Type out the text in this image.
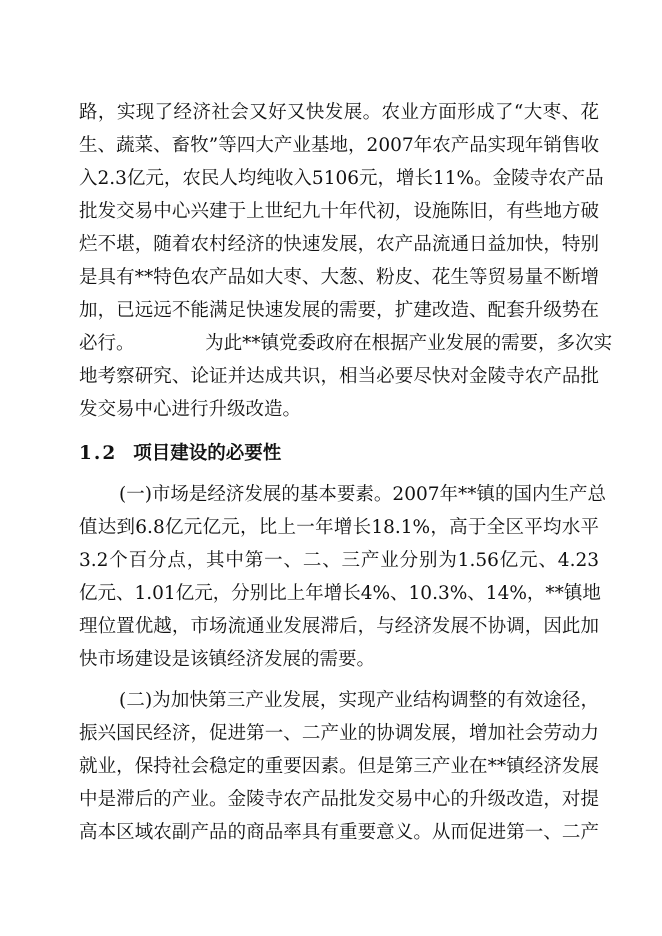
路，实现了经济社会又好又快发展。农业方面形成了“大枣、花
生、蔬菜、畜牧”等四大产业基地，2007年农产品实现年销售收
入2.3亿元，农民人均纯收入5106元，增长11%。金陵寺农产品
批发交易中心兴建于上世纪九十年代初，设施陈旧，有些地方破
烂不堪，随着农村经济的快速发展，农产品流通日益加快，特别
是具有**特色农产品如大枣、大葱、粉皮、花生等贸易量不断增
加，已远远不能满足快速发展的需要，扩建改造、配套升级势在
必行。            为此**镇党委政府在根据产业发展的需要，多次实
地考察研究、论证并达成共识，相当必要尽快对金陵寺农产品批
发交易中心进行升级改造。
1.2 项目建设的必要性
(一)市场是经济发展的基本要素。2007年**镇的国内生产总
值达到6.8亿元亿元，比上一年增长18.1%，高于全区平均水平
3.2个百分点，其中第一、二、三产业分别为1.56亿元、4.23
亿元、1.01亿元，分别比上年增长4%、10.3%、14%，**镇地
理位置优越，市场流通业发展滞后，与经济发展不协调，因此加
快市场建设是该镇经济发展的需要。
(二)为加快第三产业发展，实现产业结构调整的有效途径，
振兴国民经济，促进第一、二产业的协调发展，增加社会劳动力
就业，保持社会稳定的重要因素。但是第三产业在**镇经济发展
中是滞后的产业。金陵寺农产品批发交易中心的升级改造，对提
高本区域农副产品的商品率具有重要意义。从而促进第一、二产
